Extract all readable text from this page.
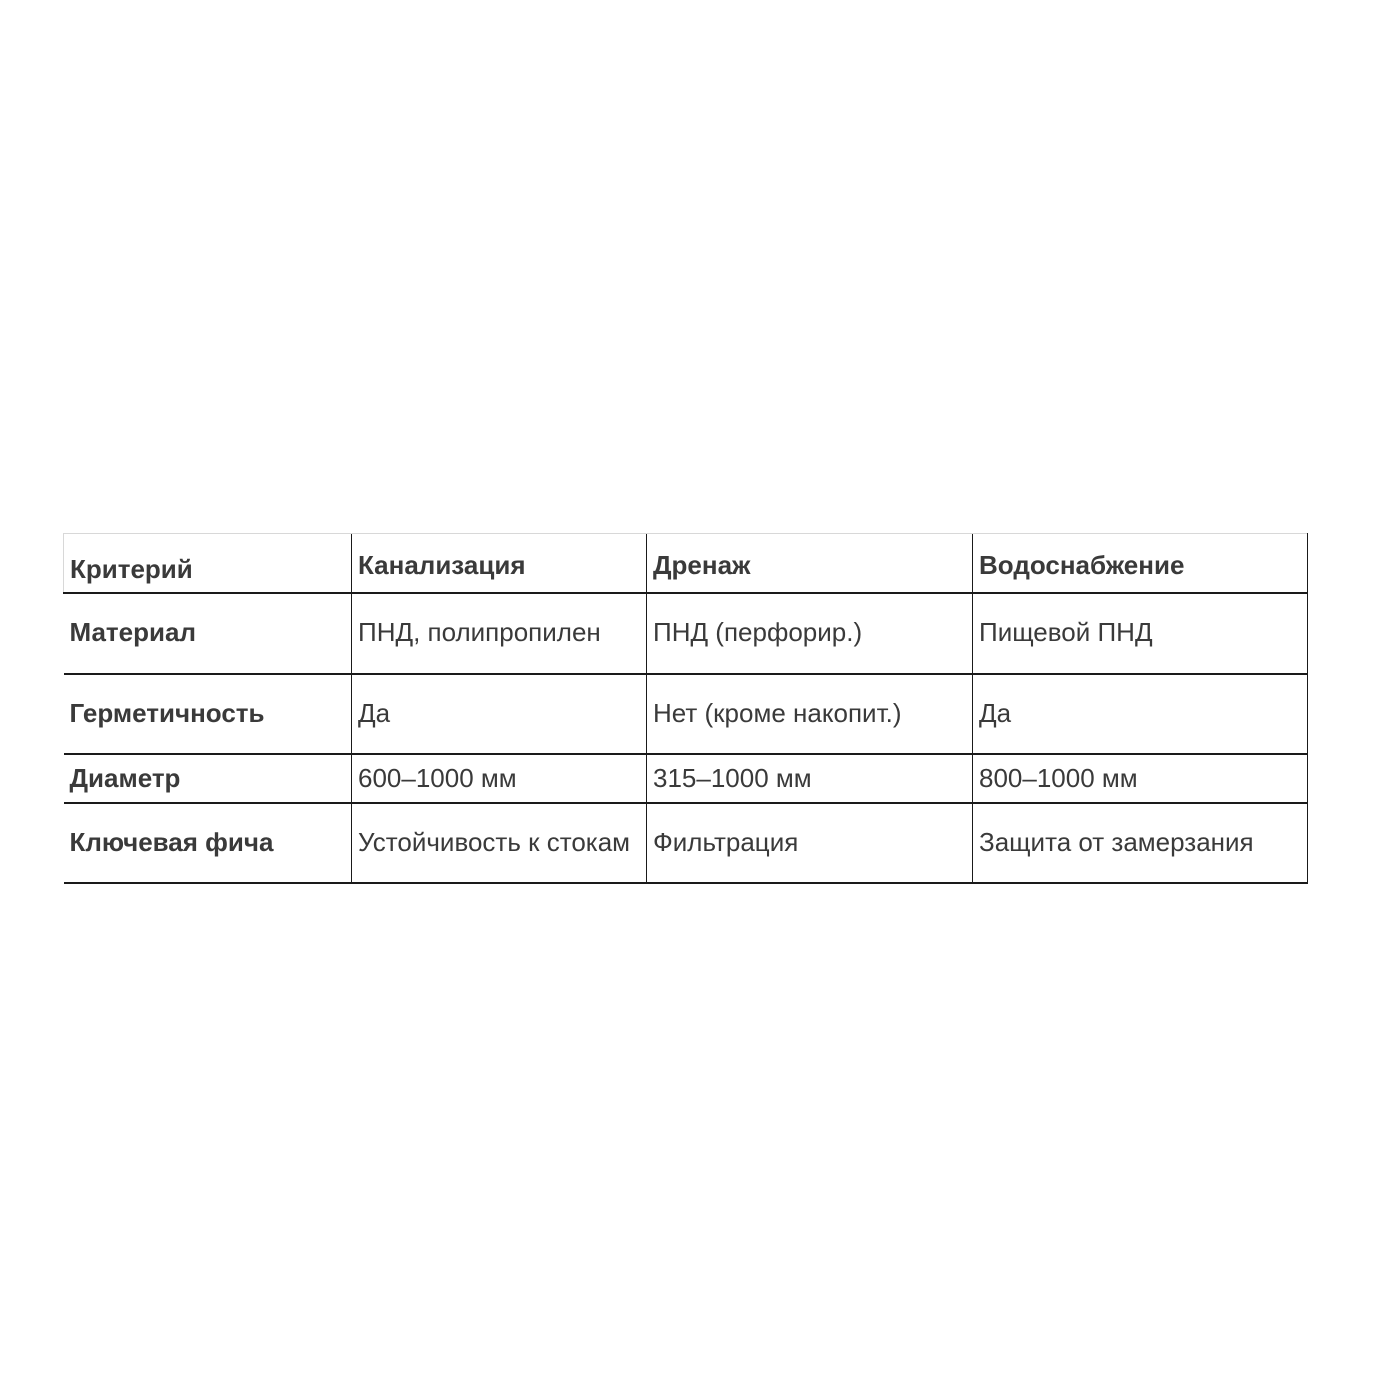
Критерий	Канализация	Дренаж	Водоснабжение
Материал	ПНД, полипропилен	ПНД (перфорир.)	Пищевой ПНД
Герметичность	Да	Нет (кроме накопит.)	Да
Диаметр	600–1000 мм	315–1000 мм	800–1000 мм
Ключевая фича	Устойчивость к стокам	Фильтрация	Защита от замерзания
